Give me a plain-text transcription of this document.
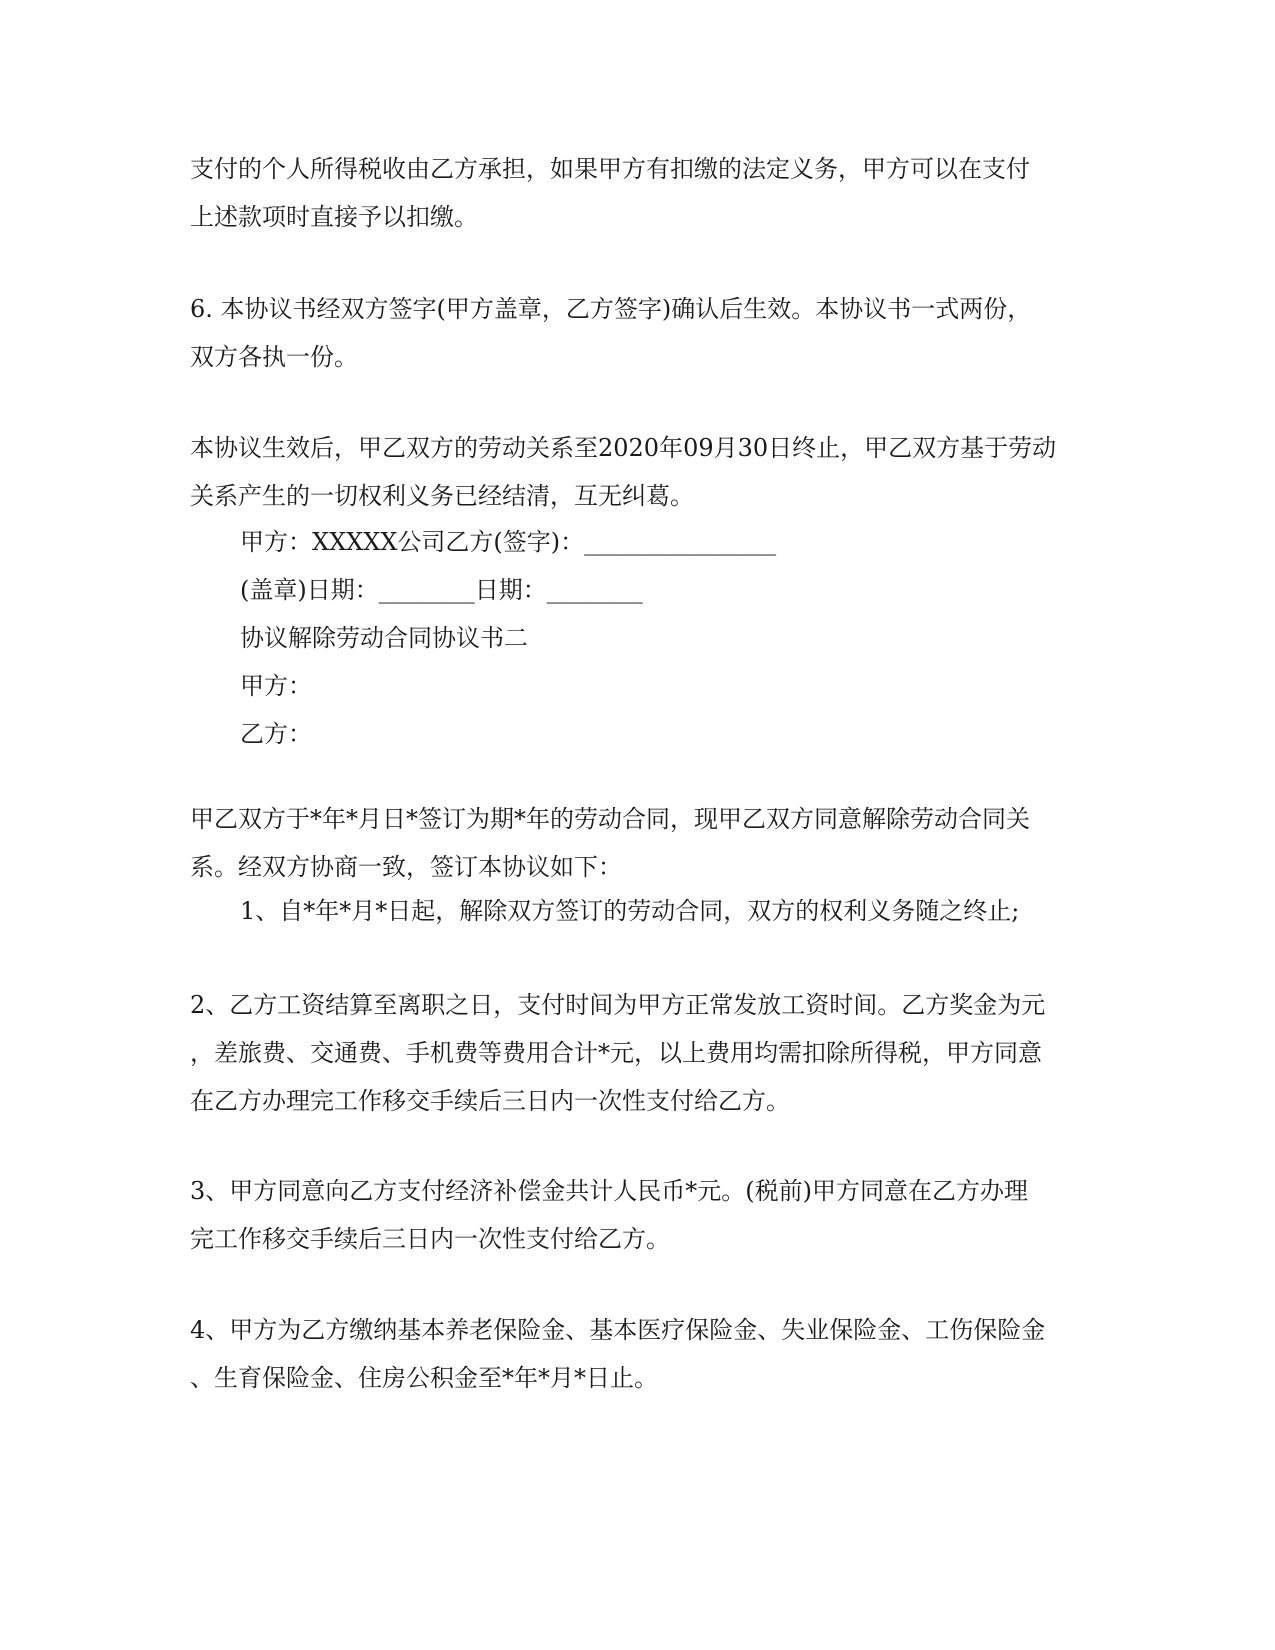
支付的个人所得税收由乙方承担，如果甲方有扣缴的法定义务，甲方可以在支付
上述款项时直接予以扣缴。
6. 本协议书经双方签字(甲方盖章，乙方签字)确认后生效。本协议书一式两份，
双方各执一份。
本协议生效后，甲乙双方的劳动关系至2020年09月30日终止，甲乙双方基于劳动
关系产生的一切权利义务已经结清，互无纠葛。
甲方：XXXXX公司乙方(签字)：________________
(盖章)日期：________日期：________
协议解除劳动合同协议书二
甲方：
乙方：
甲乙双方于*年*月日*签订为期*年的劳动合同，现甲乙双方同意解除劳动合同关
系。经双方协商一致，签订本协议如下：
1、自*年*月*日起，解除双方签订的劳动合同，双方的权利义务随之终止;
2、乙方工资结算至离职之日，支付时间为甲方正常发放工资时间。乙方奖金为元
，差旅费、交通费、手机费等费用合计*元，以上费用均需扣除所得税，甲方同意
在乙方办理完工作移交手续后三日内一次性支付给乙方。
3、甲方同意向乙方支付经济补偿金共计人民币*元。(税前)甲方同意在乙方办理
完工作移交手续后三日内一次性支付给乙方。
4、甲方为乙方缴纳基本养老保险金、基本医疗保险金、失业保险金、工伤保险金
、生育保险金、住房公积金至*年*月*日止。
